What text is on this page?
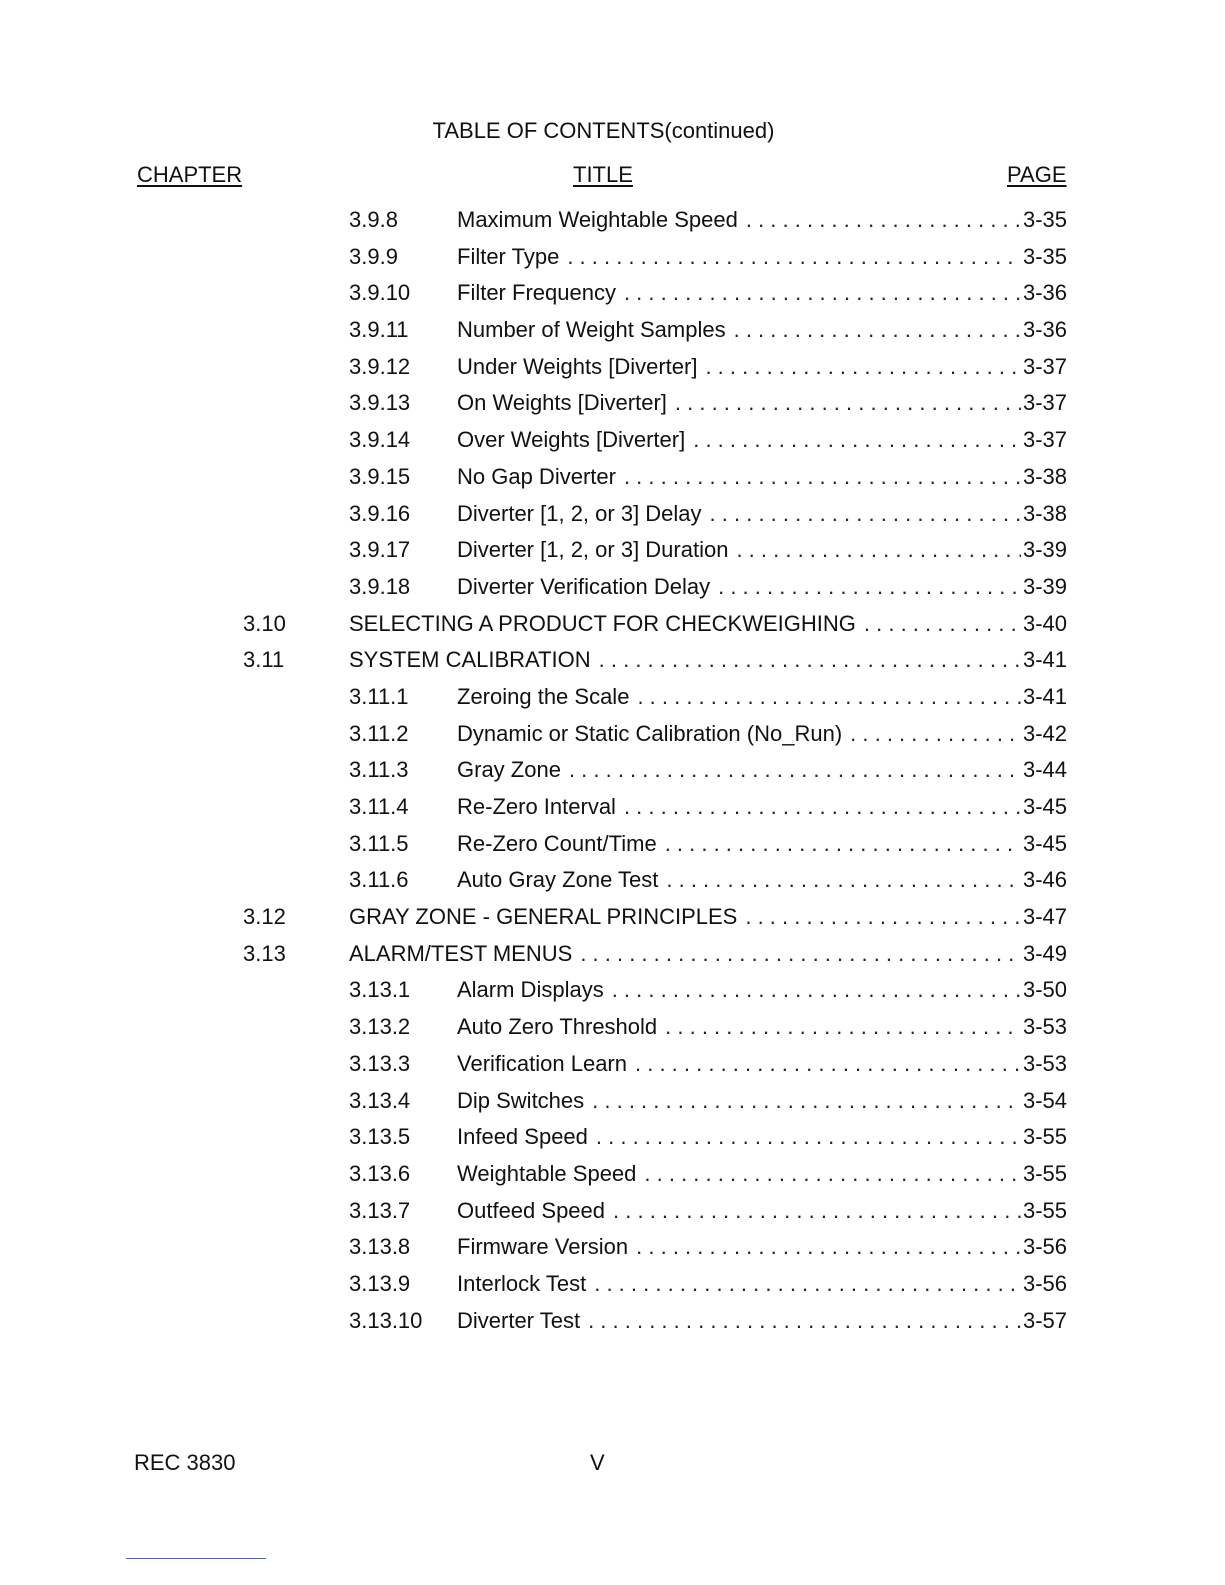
TABLE OF CONTENTS(continued)
CHAPTER	TITLE	PAGE
3.9.8	Maximum Weightable Speed . . .	3-35
3.9.9	Filter Type . . .	3-35
3.9.10 Filter Frequency . . .	3-36
3.9.11 Number of Weight Samples . . .	3-36
3.9.12 Under Weights [Diverter] . . .	3-37
3.9.13 On Weights [Diverter] . . .	3-37
3.9.14 Over Weights [Diverter] . . .	3-37
3.9.15 No Gap Diverter . . .	3-38
3.9.16 Diverter [1, 2, or 3] Delay . . .	3-38
3.9.17 Diverter [1, 2, or 3] Duration . . .	3-39
3.9.18 Diverter Verification Delay . . .	3-39
3.10	SELECTING A PRODUCT FOR CHECKWEIGHING . . .	3-40
3.11	SYSTEM CALIBRATION . . .	3-41
3.11.1 Zeroing the Scale . . .	3-41
3.11.2 Dynamic or Static Calibration (No_Run) . . .	3-42
3.11.3 Gray Zone . . .	3-44
3.11.4 Re-Zero Interval . . .	3-45
3.11.5 Re-Zero Count/Time . . .	3-45
3.11.6 Auto Gray Zone Test . . .	3-46
3.12	GRAY ZONE - GENERAL PRINCIPLES . . .	3-47
3.13	ALARM/TEST MENUS . . .	3-49
3.13.1 Alarm Displays . . .	3-50
3.13.2 Auto Zero Threshold . . .	3-53
3.13.3 Verification Learn . . .	3-53
3.13.4 Dip Switches . . .	3-54
3.13.5 Infeed Speed . . .	3-55
3.13.6 Weightable Speed . . .	3-55
3.13.7 Outfeed Speed . . .	3-55
3.13.8 Firmware Version . . .	3-56
3.13.9 Interlock Test . . .	3-56
3.13.10 Diverter Test . . .	3-57
REC 3830	V
